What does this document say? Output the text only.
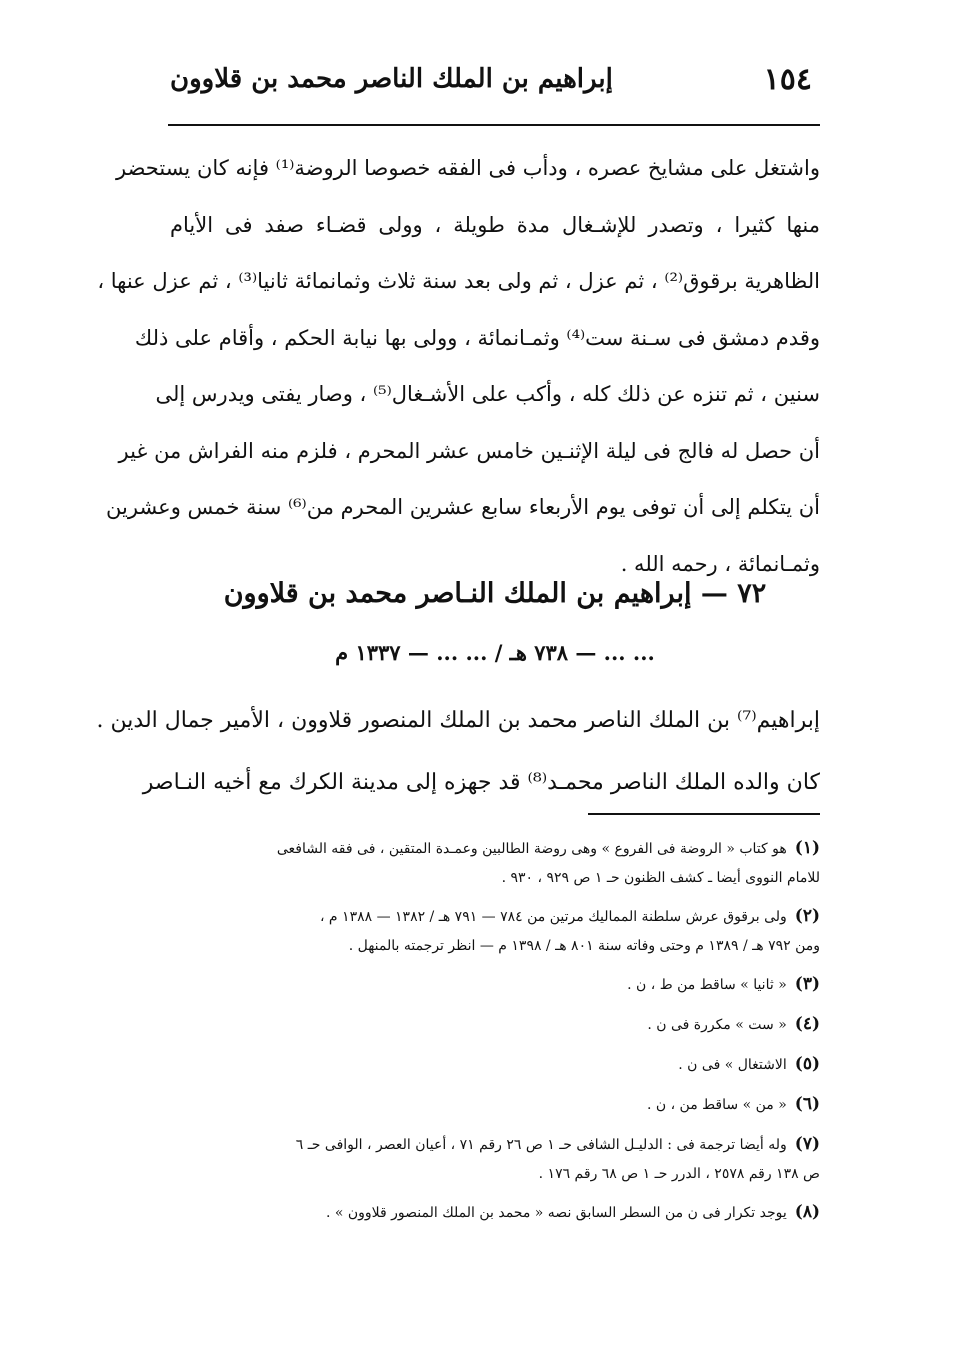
١٥٤
إبراهيم بن الملك الناصر محمد بن قلاوون
واشتغل على مشايخ عصره ، ودأب فى الفقه خصوصا الروضة⁽¹⁾ فإنه كان يستحضر
منها كثيرا ، وتصدر للإشـغال مدة طويلة ، وولى قضـاء صفد فى الأيام
الظاهرية برقوق⁽²⁾ ، ثم عزل ، ثم ولى بعد سنة ثلاث وثمانمائة ثانيا⁽³⁾ ، ثم عزل عنها ،
وقدم دمشق فى سـنة ست⁽⁴⁾ وثمـانمائة ، وولى بها نيابة الحكم ، وأقام على ذلك
سنين ، ثم تنزه عن ذلك كله ، وأكب على الأشـغال⁽⁵⁾ ، وصار يفتى ويدرس إلى
أن حصل له فالج فى ليلة الإثنـين خامس عشر المحرم ، فلزم منه الفراش من غير
أن يتكلم إلى أن توفى يوم الأربعاء سابع عشرين المحرم من⁽⁶⁾ سنة خمس وعشرين
وثمـانمائة ، رحمه الله .
٧٢ — إبراهيم بن الملك النـاصر محمد بن قلاوون
... ... — ٧٣٨ هـ / ... ... — ١٣٣٧ م
إبراهيم⁽⁷⁾ بن الملك الناصر محمد بن الملك المنصور قلاوون ، الأمير جمال الدين .
كان والده الملك الناصر محمـد⁽⁸⁾ قد جهزه إلى مدينة الكرك مع أخيه النـاصر
(١)هو كتاب « الروضة فى الفروع » وهى روضة الطالبين وعمـدة المتقين ، فى فقه الشافعى
للامام النووى أيضا ـ كشف الظنون حـ ١ ص ٩٢٩ ، ٩٣٠ .
(٢)ولى برقوق عرش سلطنة المماليك مرتين من ٧٨٤ — ٧٩١ هـ / ١٣٨٢ — ١٣٨٨ م ،
ومن ٧٩٢ هـ / ١٣٨٩ م وحتى وفاته سنة ٨٠١ هـ / ١٣٩٨ م — انظر ترجمته بالمنهل .
(٣)« ثانيا » ساقط من ط ، ن .
(٤)« ست » مكررة فى ن .
(٥)الاشتغال » فى ن .
(٦)« من » ساقط من ، ن .
(٧)وله أيضا ترجمة فى : الدليـل الشافى حـ ١ ص ٢٦ رقم ٧١ ، أعيان العصر ، الوافى حـ ٦
ص ١٣٨ رقم ٢٥٧٨ ، الدرر حـ ١ ص ٦٨ رقم ١٧٦ .
(٨)يوجد تكرار فى ن من السطر السابق نصه « محمد بن الملك المنصور قلاوون » .
